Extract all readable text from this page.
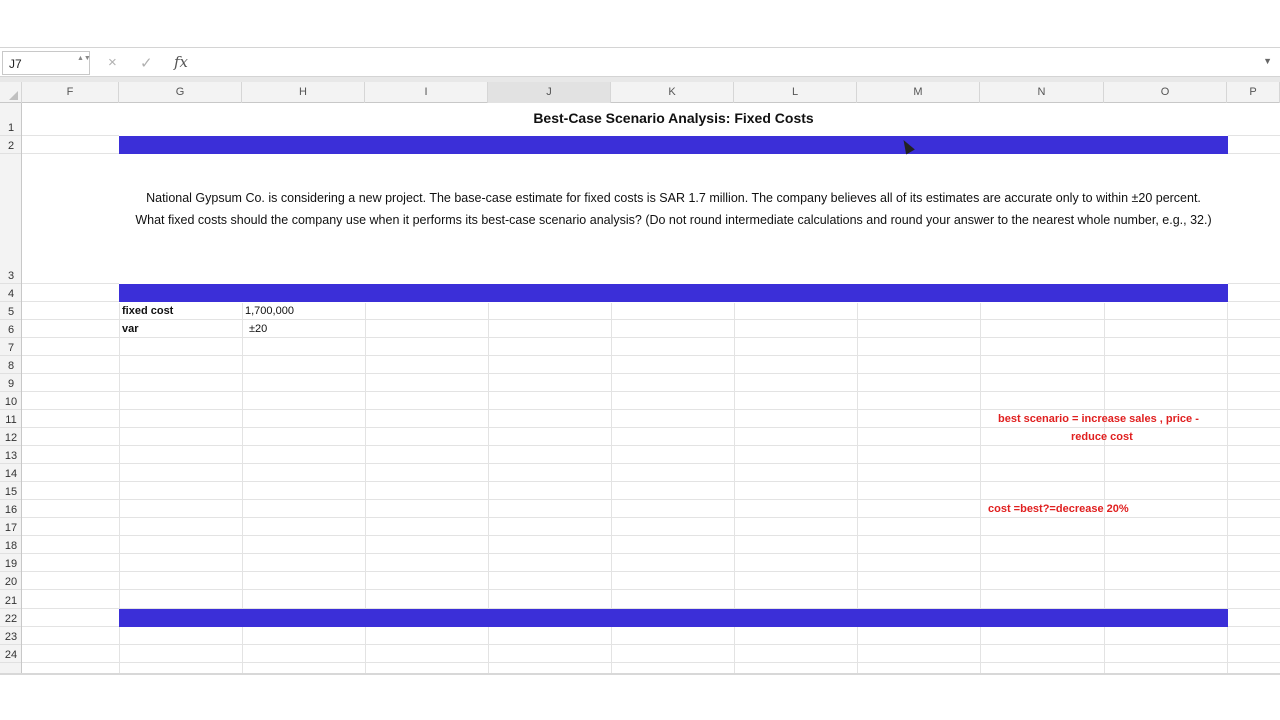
J7	▲▼ × ✓ fx	▼
F	G	H	I	J	K	L	M	N	O	P
1
2
3
4
5
6
7
8
9
10
11
12
13
14
15
16
17
18
19
20
21
22
23
24
Best-Case Scenario Analysis: Fixed Costs
National Gypsum Co. is considering a new project. The base-case estimate for fixed costs is SAR 1.7 million. The company believes all of its estimates are accurate only to within ±20 percent. What fixed costs should the company use when it performs its best-case scenario analysis? (Do not round intermediate calculations and round your answer to the nearest whole number, e.g., 32.)
fixed cost	1,700,000
var	±20
best scenario = increase sales , price -
reduce cost
cost =best?=decrease 20%
